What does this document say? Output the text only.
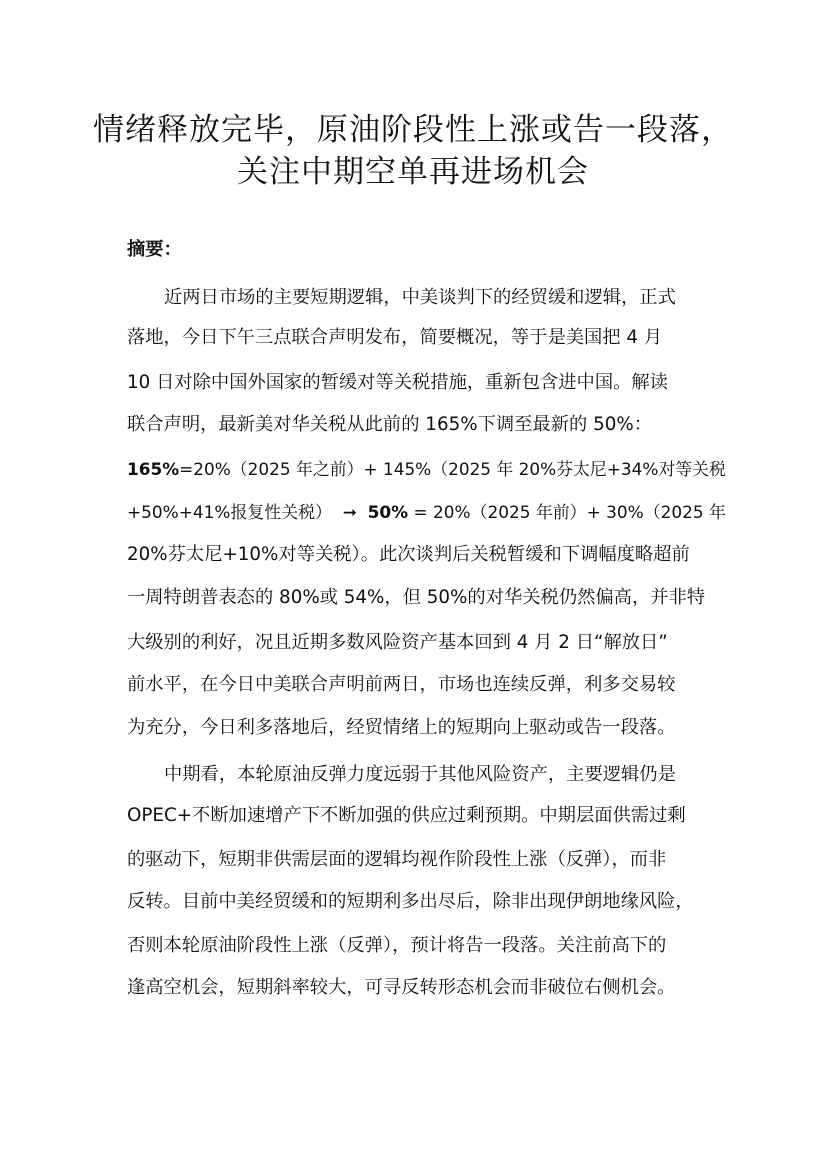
情绪释放完毕，原油阶段性上涨或告一段落，
关注中期空单再进场机会
摘要：
近两日市场的主要短期逻辑，中美谈判下的经贸缓和逻辑，正式
落地，今日下午三点联合声明发布，简要概况，等于是美国把 4 月
10 日对除中国外国家的暂缓对等关税措施，重新包含进中国。解读
联合声明，最新美对华关税从此前的 165%下调至最新的 50%：
165%=20%（2025 年之前）+ 145%（2025 年 20%芬太尼+34%对等关税
+50%+41%报复性关税） ➞ 50% = 20%（2025 年前）+ 30%（2025 年
20%芬太尼+10%对等关税）。此次谈判后关税暂缓和下调幅度略超前
一周特朗普表态的 80%或 54%，但 50%的对华关税仍然偏高，并非特
大级别的利好，况且近期多数风险资产基本回到 4 月 2 日“解放日”
前水平，在今日中美联合声明前两日，市场也连续反弹，利多交易较
为充分，今日利多落地后，经贸情绪上的短期向上驱动或告一段落。
中期看，本轮原油反弹力度远弱于其他风险资产，主要逻辑仍是
OPEC+不断加速增产下不断加强的供应过剩预期。中期层面供需过剩
的驱动下，短期非供需层面的逻辑均视作阶段性上涨（反弹），而非
反转。目前中美经贸缓和的短期利多出尽后，除非出现伊朗地缘风险，
否则本轮原油阶段性上涨（反弹），预计将告一段落。关注前高下的
逢高空机会，短期斜率较大，可寻反转形态机会而非破位右侧机会。
